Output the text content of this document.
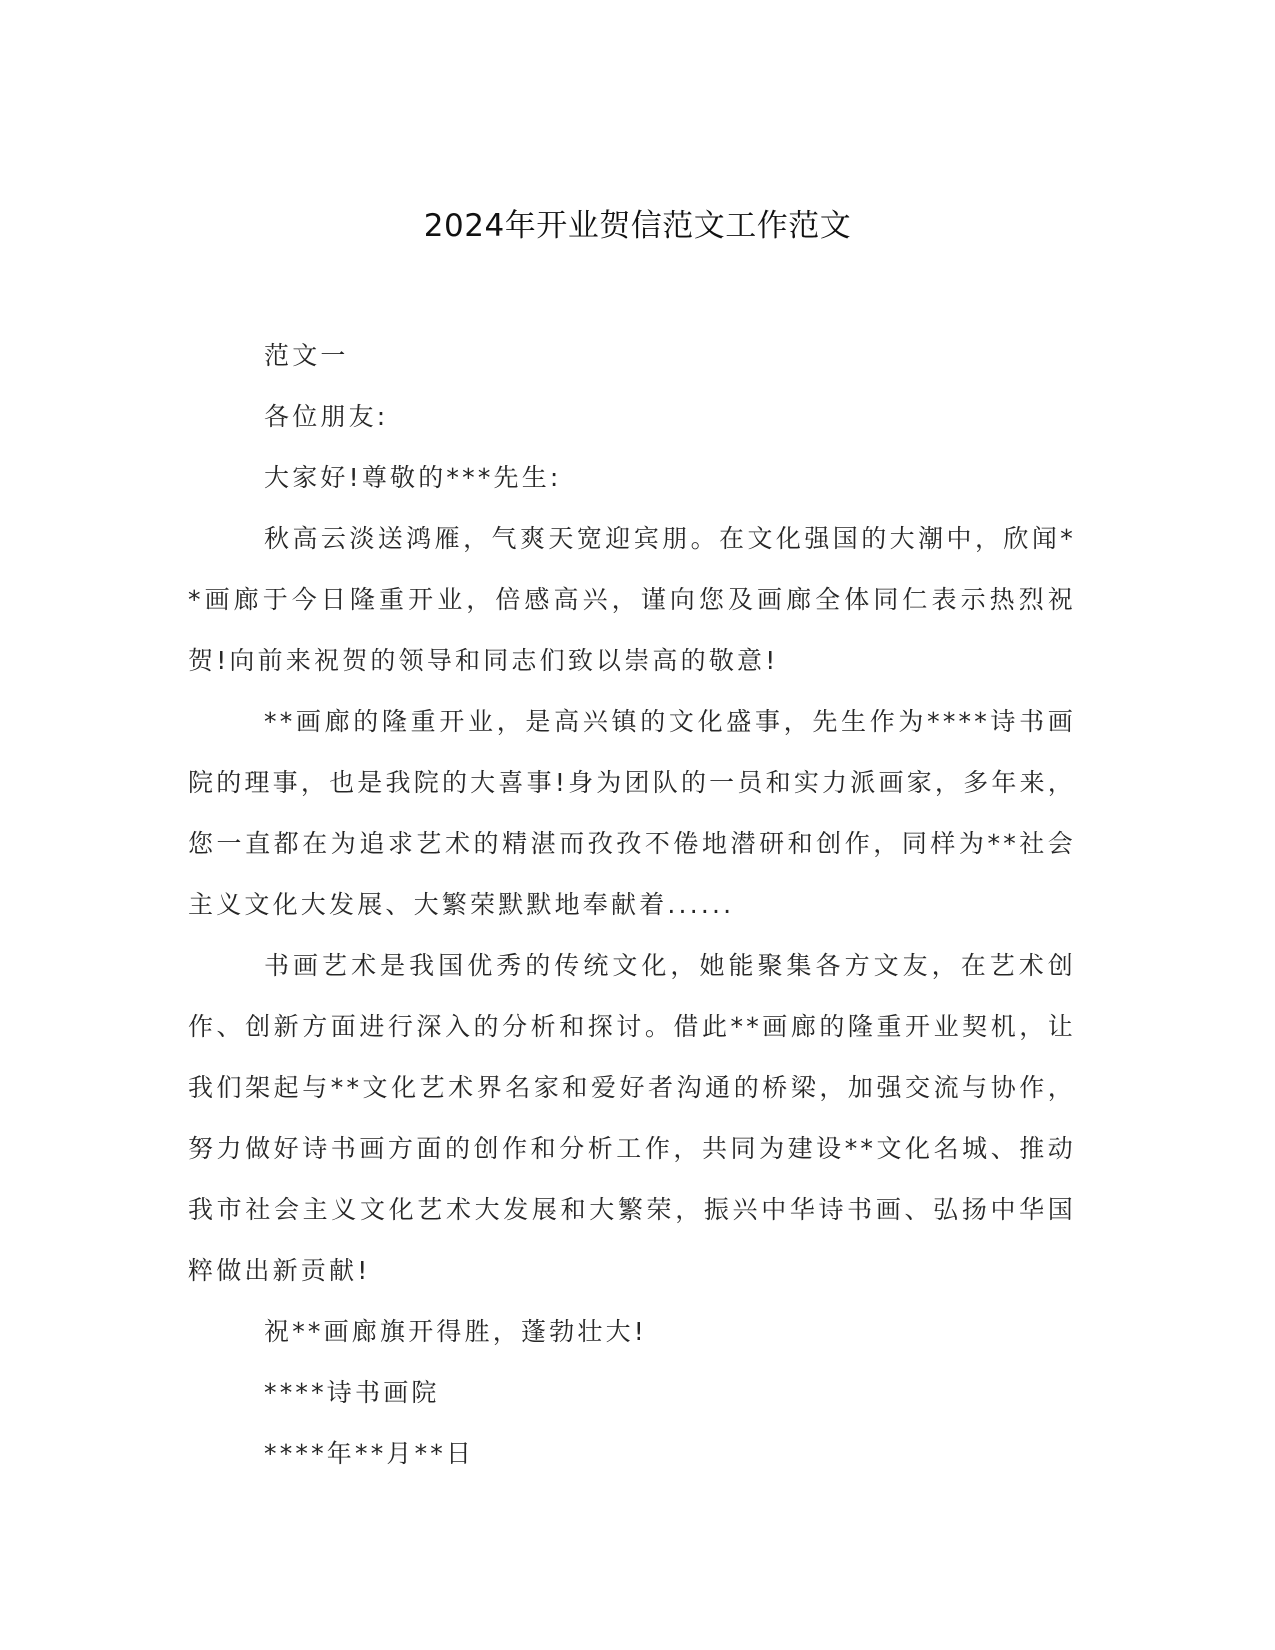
2024年开业贺信范文工作范文

范文一

各位朋友:

大家好!尊敬的***先生:

秋高云淡送鸿雁，气爽天宽迎宾朋。在文化强国的大潮中，欣闻**画廊于今日隆重开业，倍感高兴，谨向您及画廊全体同仁表示热烈祝贺!向前来祝贺的领导和同志们致以崇高的敬意!

**画廊的隆重开业，是高兴镇的文化盛事，先生作为****诗书画院的理事，也是我院的大喜事!身为团队的一员和实力派画家，多年来，您一直都在为追求艺术的精湛而孜孜不倦地潜研和创作，同样为**社会主义文化大发展、大繁荣默默地奉献着......

书画艺术是我国优秀的传统文化，她能聚集各方文友，在艺术创作、创新方面进行深入的分析和探讨。借此**画廊的隆重开业契机，让我们架起与**文化艺术界名家和爱好者沟通的桥梁，加强交流与协作，努力做好诗书画方面的创作和分析工作，共同为建设**文化名城、推动我市社会主义文化艺术大发展和大繁荣，振兴中华诗书画、弘扬中华国粹做出新贡献!

祝**画廊旗开得胜，蓬勃壮大!

****诗书画院

****年**月**日
